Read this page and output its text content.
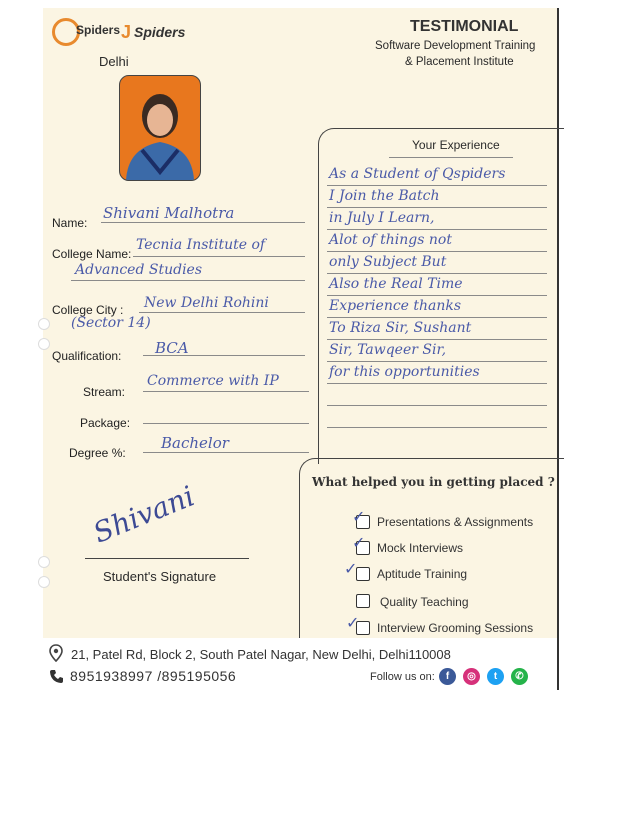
Spiders J Spiders
Delhi
TESTIMONIAL
Software Development Training
& Placement Institute
Name:
Shivani Malhotra
College Name:
Tecnia Institute of
Advanced Studies
College City : New Delhi Rohini
(Sector 14)
Qualification: BCA
Stream:
Commerce with IP
Package:
Degree %:
Bachelor
Shivani
Student's Signature
Your Experience
As a Student of Qspiders
I Join the Batch
in July I Learn,
Alot of things not
only Subject But
Also the Real Time
Experience thanks
To Riza Sir, Sushant
Sir, Tawqeer Sir,
for this opportunities
What helped you in getting placed ?
✓ Presentations & Assignments
✓ Mock Interviews
✓ Aptitude Training
Quality Teaching
✓ Interview Grooming Sessions
21, Patel Rd, Block 2, South Patel Nagar, New Delhi, Delhi110008
8951938997 /895195056	Follow us on:	f	◎	t	✆
